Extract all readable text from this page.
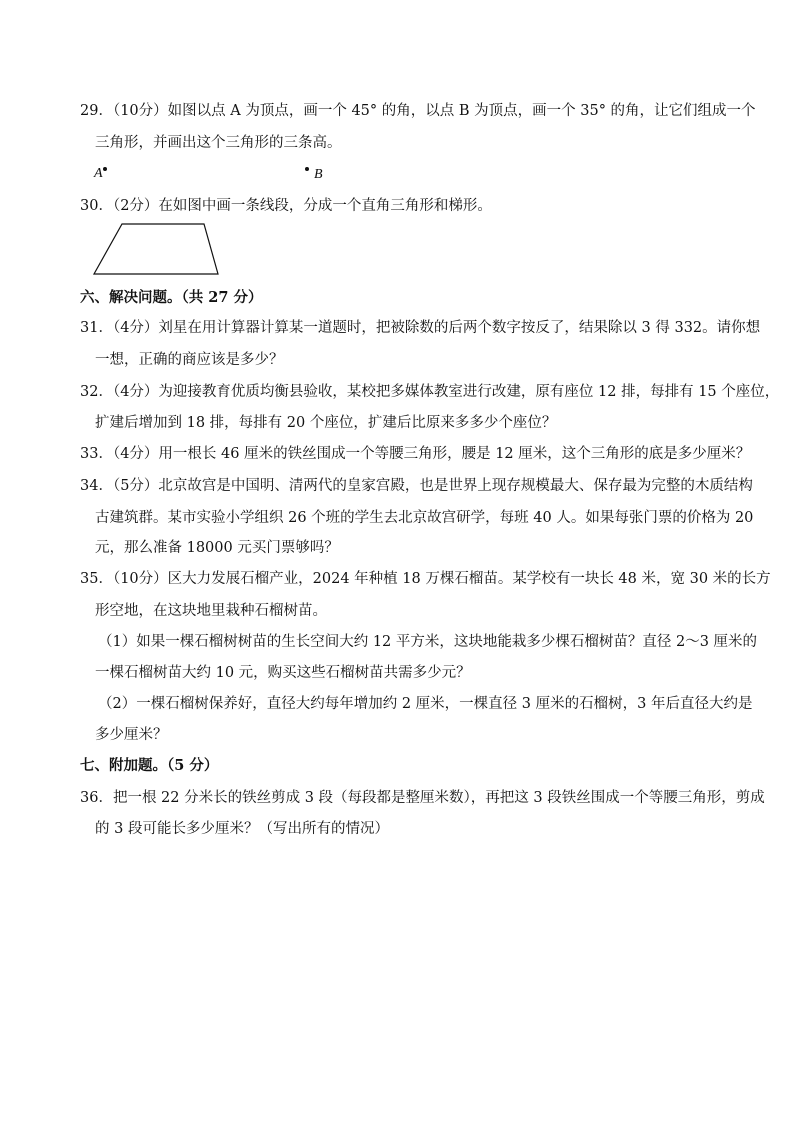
29．（10分）如图以点 A 为顶点，画一个 45° 的角，以点 B 为顶点，画一个 35° 的角，让它们组成一个
三角形，并画出这个三角形的三条高。
A	B
30．（2分）在如图中画一条线段，分成一个直角三角形和梯形。
六、解决问题。（共 27 分）
31．（4分）刘星在用计算器计算某一道题时，把被除数的后两个数字按反了，结果除以 3 得 332。请你想
一想，正确的商应该是多少？
32．（4分）为迎接教育优质均衡县验收，某校把多媒体教室进行改建，原有座位 12 排，每排有 15 个座位，
扩建后增加到 18 排，每排有 20 个座位，扩建后比原来多多少个座位？
33．（4分）用一根长 46 厘米的铁丝围成一个等腰三角形，腰是 12 厘米，这个三角形的底是多少厘米？
34．（5分）北京故宫是中国明、清两代的皇家宫殿，也是世界上现存规模最大、保存最为完整的木质结构
古建筑群。某市实验小学组织 26 个班的学生去北京故宫研学，每班 40 人。如果每张门票的价格为 20
元，那么准备 18000 元买门票够吗？
35．（10分）区大力发展石榴产业，2024 年种植 18 万棵石榴苗。某学校有一块长 48 米，宽 30 米的长方
形空地，在这块地里栽种石榴树苗。
（1）如果一棵石榴树树苗的生长空间大约 12 平方米，这块地能栽多少棵石榴树苗？直径 2～3 厘米的
一棵石榴树苗大约 10 元，购买这些石榴树苗共需多少元？
（2）一棵石榴树保养好，直径大约每年增加约 2 厘米，一棵直径 3 厘米的石榴树，3 年后直径大约是
多少厘米？
七、附加题。（5 分）
36．把一根 22 分米长的铁丝剪成 3 段（每段都是整厘米数），再把这 3 段铁丝围成一个等腰三角形，剪成
的 3 段可能长多少厘米？（写出所有的情况）
